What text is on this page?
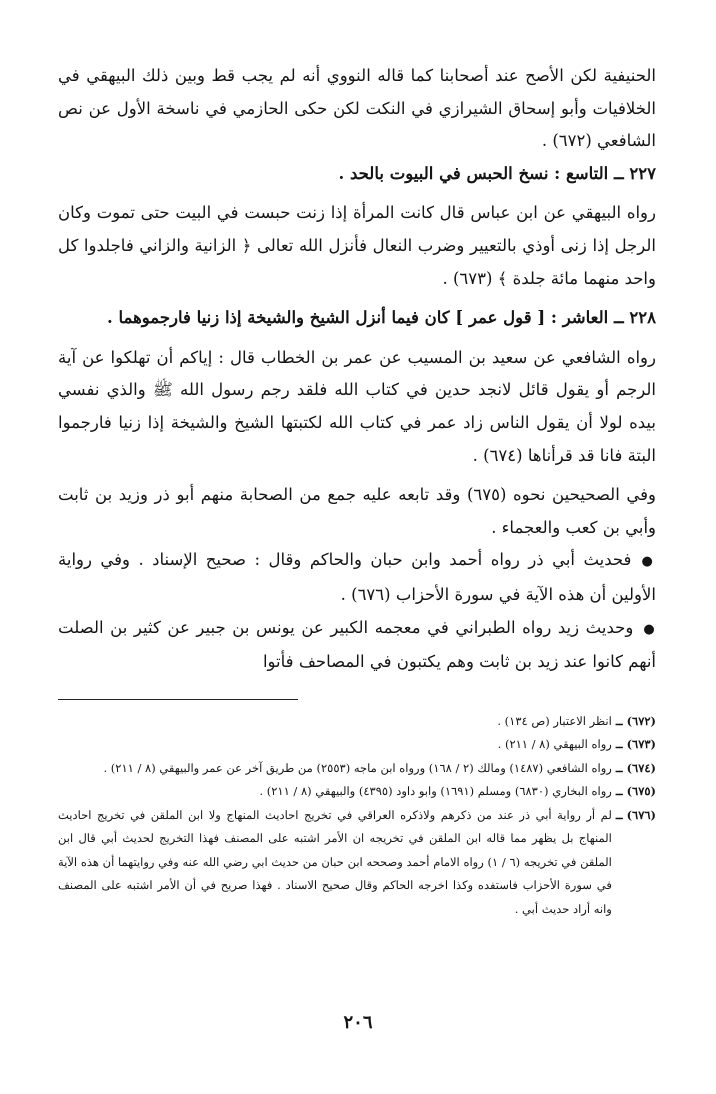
الحنيفية لكن الأصح عند أصحابنا كما قاله النووي أنه لم يجب قط وبين ذلك البيهقي في الخلافيات وأبو إسحاق الشيرازي في النكت لكن حكى الحازمي في ناسخة الأول عن نص الشافعي (٦٧٢) .

٢٢٧ ــ التاسع : نسخ الحبس في البيوت بالحد .

رواه البيهقي عن ابن عباس قال كانت المرأة إذا زنت حبست في البيت حتى تموت وكان الرجل إذا زنى أوذي بالتعيير وضرب النعال فأنزل الله تعالى ﴿ الزانية والزاني فاجلدوا كل واحد منهما مائة جلدة ﴾ (٦٧٣) .

٢٢٨ ــ العاشر : [ قول عمر ] كان فيما أنزل الشيخ والشيخة إذا زنيا فارجموهما .

رواه الشافعي عن سعيد بن المسيب عن عمر بن الخطاب قال : إياكم أن تهلكوا عن آية الرجم أو يقول قائل لانجد حدين في كتاب الله فلقد رجم رسول الله ﷺ والذي نفسي بيده لولا أن يقول الناس زاد عمر في كتاب الله لكتبتها الشيخ والشيخة إذا زنيا فارجموا البتة فانا قد قرأناها (٦٧٤) .

وفي الصحيحين نحوه (٦٧٥) وقد تابعه عليه جمع من الصحابة منهم أبو ذر وزيد بن ثابت وأبي بن كعب والعجماء .

●فحديث أبي ذر رواه أحمد وابن حبان والحاكم وقال : صحيح الإسناد . وفي رواية الأولين أن هذه الآية في سورة الأحزاب (٦٧٦) .

●وحديث زيد رواه الطبراني في معجمه الكبير عن يونس بن جبير عن كثير بن الصلت أنهم كانوا عند زيد بن ثابت وهم يكتبون في المصاحف فأتوا

(٦٧٢) ــ
انظر الاعتبار (ص ١٣٤) .
(٦٧٣) ــ
رواه البيهقي (٨ / ٢١١) .
(٦٧٤) ــ
رواه الشافعي (١٤٨٧) ومالك (٢ / ١٦٨) ورواه ابن ماجه (٢٥٥٣) من طريق آخر عن عمر والبيهقي (٨ / ٢١١) .
(٦٧٥) ــ
رواه البخاري (٦٨٣٠) ومسلم (١٦٩١) وابو داود (٤٣٩٥) والبيهقي (٨ / ٢١١) .
(٦٧٦) ــ
لم أر رواية أبي ذر عند من ذكرهم ولاذكره العراقي في تخريج احاديث المنهاج ولا ابن الملقن في تخريج احاديث المنهاج بل يظهر مما قاله ابن الملقن في تخريجه ان الأمر اشتبه على المصنف فهذا التخريج لحديث أبي قال ابن الملقن في تخريجه (٦ / ١) رواه الامام أحمد وصححه ابن حبان من حديث ابي رضي الله عنه وفي روايتهما أن هذه الآية في سورة الأحزاب فاستفده وكذا اخرجه الحاكم وقال صحيح الاسناد . فهذا صريح في أن الأمر اشتبه على المصنف وانه أراد حديث أبي .
٢٠٦
